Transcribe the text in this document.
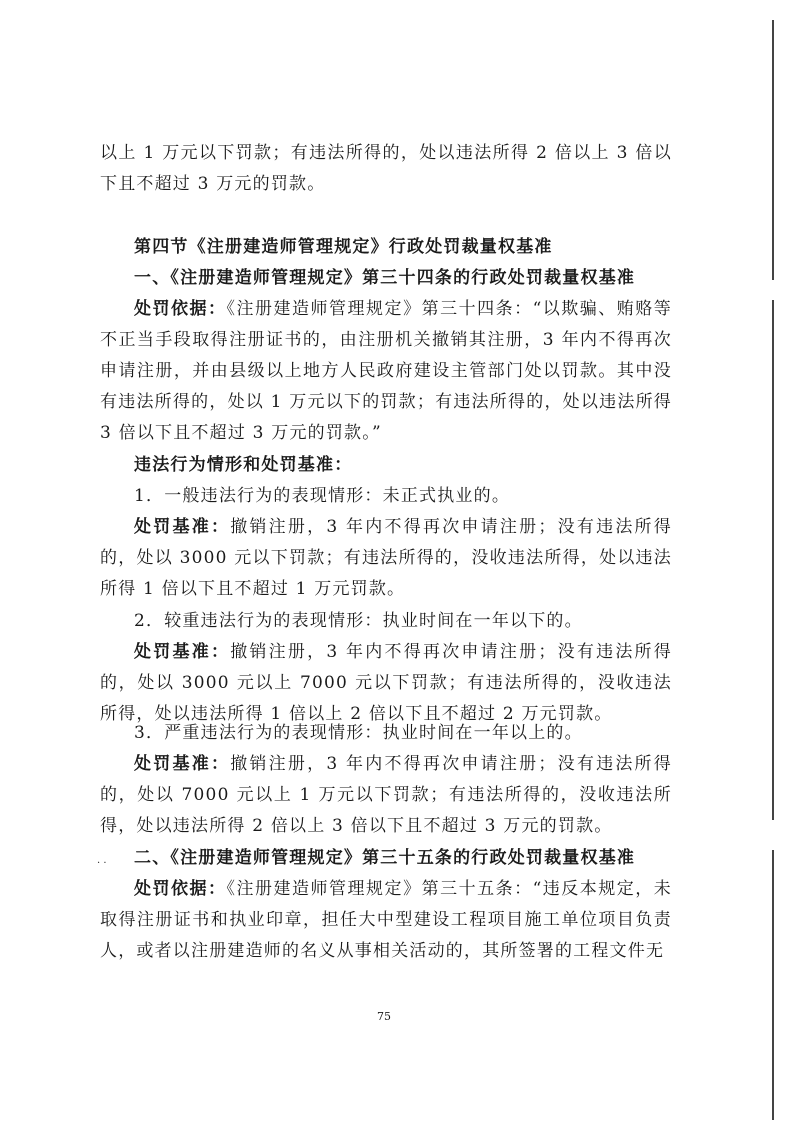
以上 1 万元以下罚款；有违法所得的，处以违法所得 2 倍以上 3 倍以下且不超过 3 万元的罚款。

第四节《注册建造师管理规定》行政处罚裁量权基准

一、《注册建造师管理规定》第三十四条的行政处罚裁量权基准

处罚依据：《注册建造师管理规定》第三十四条：“以欺骗、贿赂等不正当手段取得注册证书的，由注册机关撤销其注册，3 年内不得再次申请注册，并由县级以上地方人民政府建设主管部门处以罚款。其中没有违法所得的，处以 1 万元以下的罚款；有违法所得的，处以违法所得 3 倍以下且不超过 3 万元的罚款。”

违法行为情形和处罚基准：

1．一般违法行为的表现情形：未正式执业的。

处罚基准：撤销注册，3 年内不得再次申请注册；没有违法所得的，处以 3000 元以下罚款；有违法所得的，没收违法所得，处以违法所得 1 倍以下且不超过 1 万元罚款。

2．较重违法行为的表现情形：执业时间在一年以下的。

处罚基准：撤销注册，3 年内不得再次申请注册；没有违法所得的，处以 3000 元以上 7000 元以下罚款；有违法所得的，没收违法所得，处以违法所得 1 倍以上 2 倍以下且不超过 2 万元罚款。

3．严重违法行为的表现情形：执业时间在一年以上的。

处罚基准：撤销注册，3 年内不得再次申请注册；没有违法所得的，处以 7000 元以上 1 万元以下罚款；有违法所得的，没收违法所得，处以违法所得 2 倍以上 3 倍以下且不超过 3 万元的罚款。

· · 二、《注册建造师管理规定》第三十五条的行政处罚裁量权基准

处罚依据：《注册建造师管理规定》第三十五条：“违反本规定，未取得注册证书和执业印章，担任大中型建设工程项目施工单位项目负责人，或者以注册建造师的名义从事相关活动的，其所签署的工程文件无

75
